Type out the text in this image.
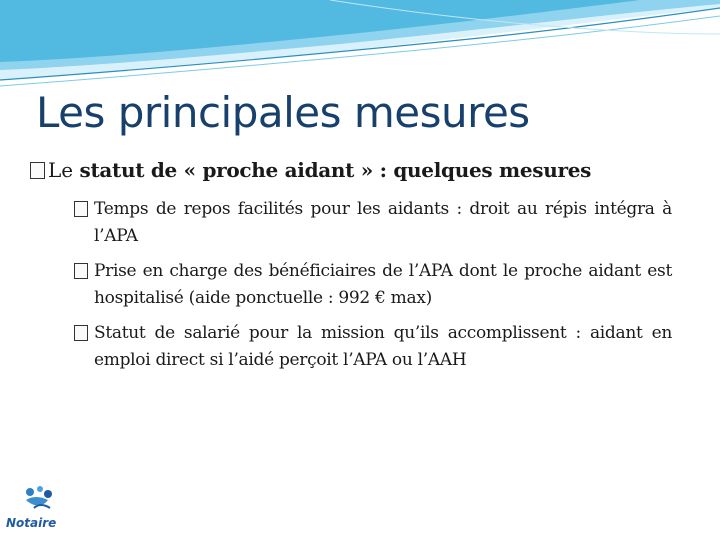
Les principales mesures
Le statut de « proche aidant » : quelques mesures
Temps de repos facilités pour les aidants : droit au répis intégra à l’APA
Prise en charge des bénéficiaires de l’APA dont le proche aidant est hospitalisé (aide ponctuelle : 992 € max)
Statut de salarié pour la mission qu’ils accomplissent : aidant en emploi direct si l’aidé perçoit l’APA ou l’AAH
Notaire
